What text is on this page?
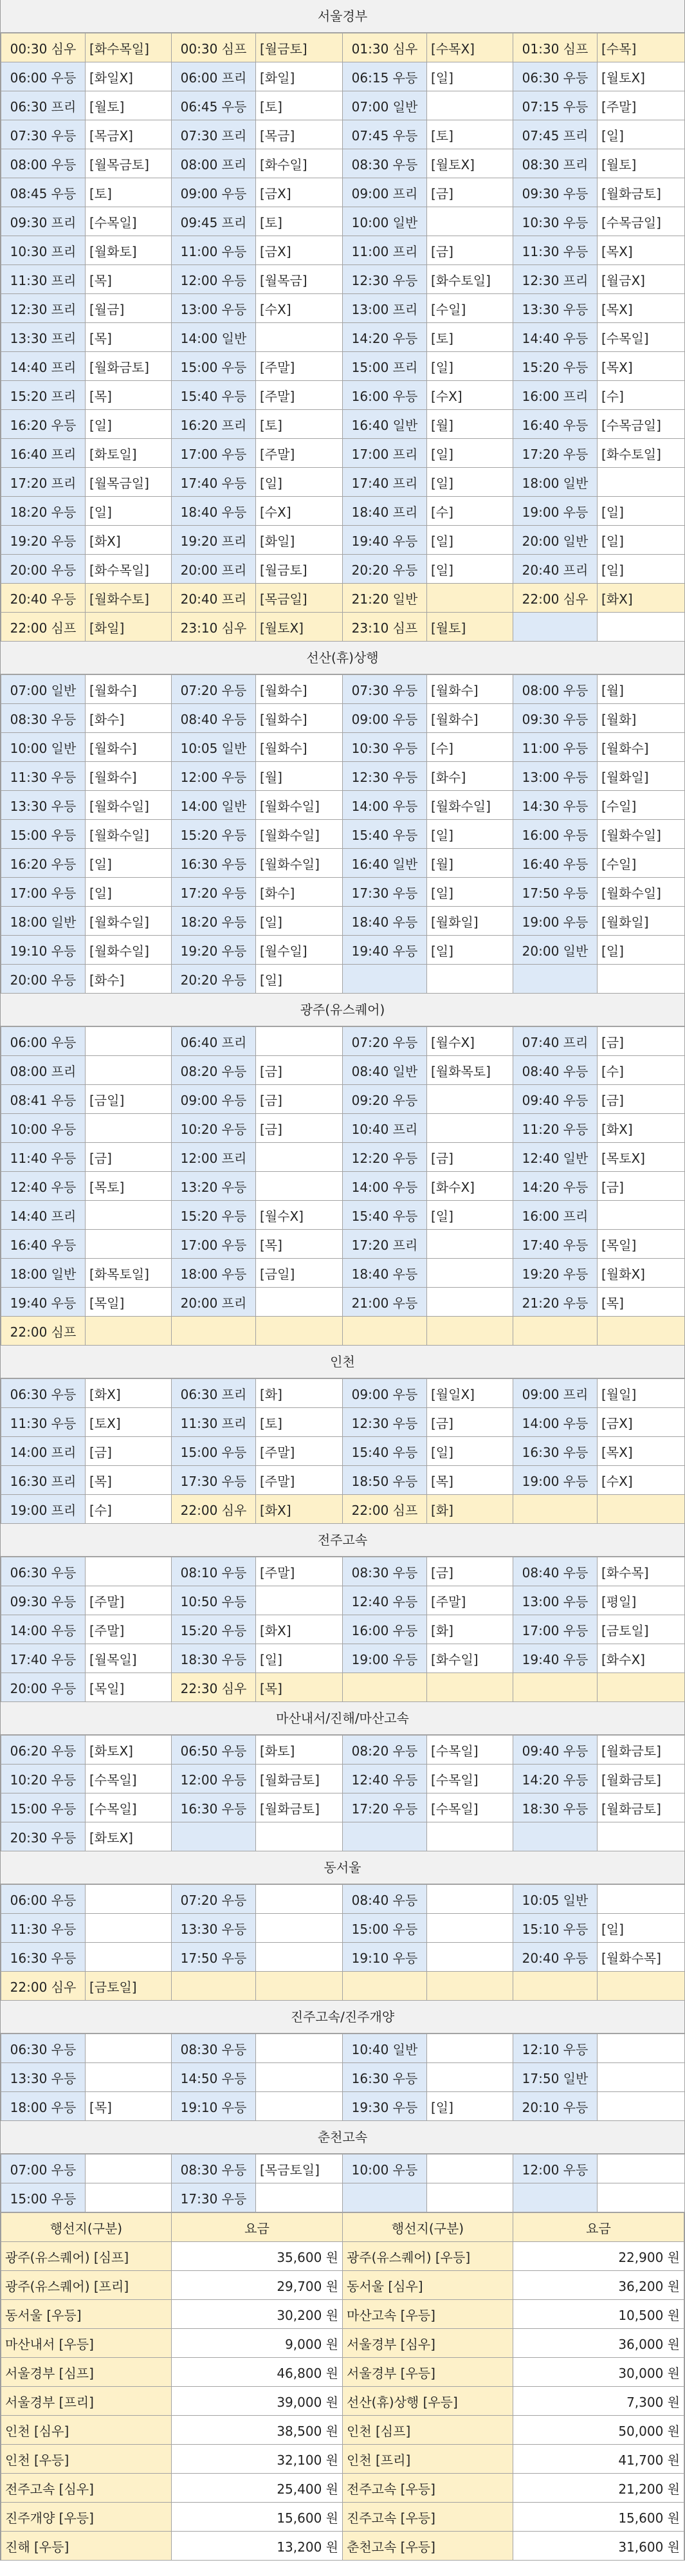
서울경부
00:30 심우	[화수목일]	00:30 심프	[월금토]	01:30 심우	[수목X]	01:30 심프	[수목]
06:00 우등	[화일X]	06:00 프리	[화일]	06:15 우등	[일]	06:30 우등	[월토X]
06:30 프리	[월토]	06:45 우등	[토]	07:00 일반		07:15 우등	[주말]
07:30 우등	[목금X]	07:30 프리	[목금]	07:45 우등	[토]	07:45 프리	[일]
08:00 우등	[월목금토]	08:00 프리	[화수일]	08:30 우등	[월토X]	08:30 프리	[월토]
08:45 우등	[토]	09:00 우등	[금X]	09:00 프리	[금]	09:30 우등	[월화금토]
09:30 프리	[수목일]	09:45 프리	[토]	10:00 일반		10:30 우등	[수목금일]
10:30 프리	[월화토]	11:00 우등	[금X]	11:00 프리	[금]	11:30 우등	[목X]
11:30 프리	[목]	12:00 우등	[월목금]	12:30 우등	[화수토일]	12:30 프리	[월금X]
12:30 프리	[월금]	13:00 우등	[수X]	13:00 프리	[수일]	13:30 우등	[목X]
13:30 프리	[목]	14:00 일반		14:20 우등	[토]	14:40 우등	[수목일]
14:40 프리	[월화금토]	15:00 우등	[주말]	15:00 프리	[일]	15:20 우등	[목X]
15:20 프리	[목]	15:40 우등	[주말]	16:00 우등	[수X]	16:00 프리	[수]
16:20 우등	[일]	16:20 프리	[토]	16:40 일반	[월]	16:40 우등	[수목금일]
16:40 프리	[화토일]	17:00 우등	[주말]	17:00 프리	[일]	17:20 우등	[화수토일]
17:20 프리	[월목금일]	17:40 우등	[일]	17:40 프리	[일]	18:00 일반	
18:20 우등	[일]	18:40 우등	[수X]	18:40 프리	[수]	19:00 우등	[일]
19:20 우등	[화X]	19:20 프리	[화일]	19:40 우등	[일]	20:00 일반	[일]
20:00 우등	[화수목일]	20:00 프리	[월금토]	20:20 우등	[일]	20:40 프리	[일]
20:40 우등	[월화수토]	20:40 프리	[목금일]	21:20 일반		22:00 심우	[화X]
22:00 심프	[화일]	23:10 심우	[월토X]	23:10 심프	[월토]		
선산(휴)상행
07:00 일반	[월화수]	07:20 우등	[월화수]	07:30 우등	[월화수]	08:00 우등	[월]
08:30 우등	[화수]	08:40 우등	[월화수]	09:00 우등	[월화수]	09:30 우등	[월화]
10:00 일반	[월화수]	10:05 일반	[월화수]	10:30 우등	[수]	11:00 우등	[월화수]
11:30 우등	[월화수]	12:00 우등	[월]	12:30 우등	[화수]	13:00 우등	[월화일]
13:30 우등	[월화수일]	14:00 일반	[월화수일]	14:00 우등	[월화수일]	14:30 우등	[수일]
15:00 우등	[월화수일]	15:20 우등	[월화수일]	15:40 우등	[일]	16:00 우등	[월화수일]
16:20 우등	[일]	16:30 우등	[월화수일]	16:40 일반	[월]	16:40 우등	[수일]
17:00 우등	[일]	17:20 우등	[화수]	17:30 우등	[일]	17:50 우등	[월화수일]
18:00 일반	[월화수일]	18:20 우등	[일]	18:40 우등	[월화일]	19:00 우등	[월화일]
19:10 우등	[월화수일]	19:20 우등	[월수일]	19:40 우등	[일]	20:00 일반	[일]
20:00 우등	[화수]	20:20 우등	[일]				
광주(유스퀘어)
06:00 우등		06:40 프리		07:20 우등	[월수X]	07:40 프리	[금]
08:00 프리		08:20 우등	[금]	08:40 일반	[월화목토]	08:40 우등	[수]
08:41 우등	[금일]	09:00 우등	[금]	09:20 우등		09:40 우등	[금]
10:00 우등		10:20 우등	[금]	10:40 프리		11:20 우등	[화X]
11:40 우등	[금]	12:00 프리		12:20 우등	[금]	12:40 일반	[목토X]
12:40 우등	[목토]	13:20 우등		14:00 우등	[화수X]	14:20 우등	[금]
14:40 프리		15:20 우등	[월수X]	15:40 우등	[일]	16:00 프리	
16:40 우등		17:00 우등	[목]	17:20 프리		17:40 우등	[목일]
18:00 일반	[화목토일]	18:00 우등	[금일]	18:40 우등		19:20 우등	[월화X]
19:40 우등	[목일]	20:00 프리		21:00 우등		21:20 우등	[목]
22:00 심프							
인천
06:30 우등	[화X]	06:30 프리	[화]	09:00 우등	[월일X]	09:00 프리	[월일]
11:30 우등	[토X]	11:30 프리	[토]	12:30 우등	[금]	14:00 우등	[금X]
14:00 프리	[금]	15:00 우등	[주말]	15:40 우등	[일]	16:30 우등	[목X]
16:30 프리	[목]	17:30 우등	[주말]	18:50 우등	[목]	19:00 우등	[수X]
19:00 프리	[수]	22:00 심우	[화X]	22:00 심프	[화]		
전주고속
06:30 우등		08:10 우등	[주말]	08:30 우등	[금]	08:40 우등	[화수목]
09:30 우등	[주말]	10:50 우등		12:40 우등	[주말]	13:00 우등	[평일]
14:00 우등	[주말]	15:20 우등	[화X]	16:00 우등	[화]	17:00 우등	[금토일]
17:40 우등	[월목일]	18:30 우등	[일]	19:00 우등	[화수일]	19:40 우등	[화수X]
20:00 우등	[목일]	22:30 심우	[목]				
마산내서/진해/마산고속
06:20 우등	[화토X]	06:50 우등	[화토]	08:20 우등	[수목일]	09:40 우등	[월화금토]
10:20 우등	[수목일]	12:00 우등	[월화금토]	12:40 우등	[수목일]	14:20 우등	[월화금토]
15:00 우등	[수목일]	16:30 우등	[월화금토]	17:20 우등	[수목일]	18:30 우등	[월화금토]
20:30 우등	[화토X]						
동서울
06:00 우등		07:20 우등		08:40 우등		10:05 일반	
11:30 우등		13:30 우등		15:00 우등		15:10 우등	[일]
16:30 우등		17:50 우등		19:10 우등		20:40 우등	[월화수목]
22:00 심우	[금토일]						
진주고속/진주개양
06:30 우등		08:30 우등		10:40 일반		12:10 우등	
13:30 우등		14:50 우등		16:30 우등		17:50 일반	
18:00 우등	[목]	19:10 우등		19:30 우등	[일]	20:10 우등	
춘천고속
07:00 우등		08:30 우등	[목금토일]	10:00 우등		12:00 우등	
15:00 우등		17:30 우등					
행선지(구분)	요금	행선지(구분)	요금
광주(유스퀘어) [심프]	35,600 원	광주(유스퀘어) [우등]	22,900 원
광주(유스퀘어) [프리]	29,700 원	동서울 [심우]	36,200 원
동서울 [우등]	30,200 원	마산고속 [우등]	10,500 원
마산내서 [우등]	9,000 원	서울경부 [심우]	36,000 원
서울경부 [심프]	46,800 원	서울경부 [우등]	30,000 원
서울경부 [프리]	39,000 원	선산(휴)상행 [우등]	7,300 원
인천 [심우]	38,500 원	인천 [심프]	50,000 원
인천 [우등]	32,100 원	인천 [프리]	41,700 원
전주고속 [심우]	25,400 원	전주고속 [우등]	21,200 원
진주개양 [우등]	15,600 원	진주고속 [우등]	15,600 원
진해 [우등]	13,200 원	춘천고속 [우등]	31,600 원
